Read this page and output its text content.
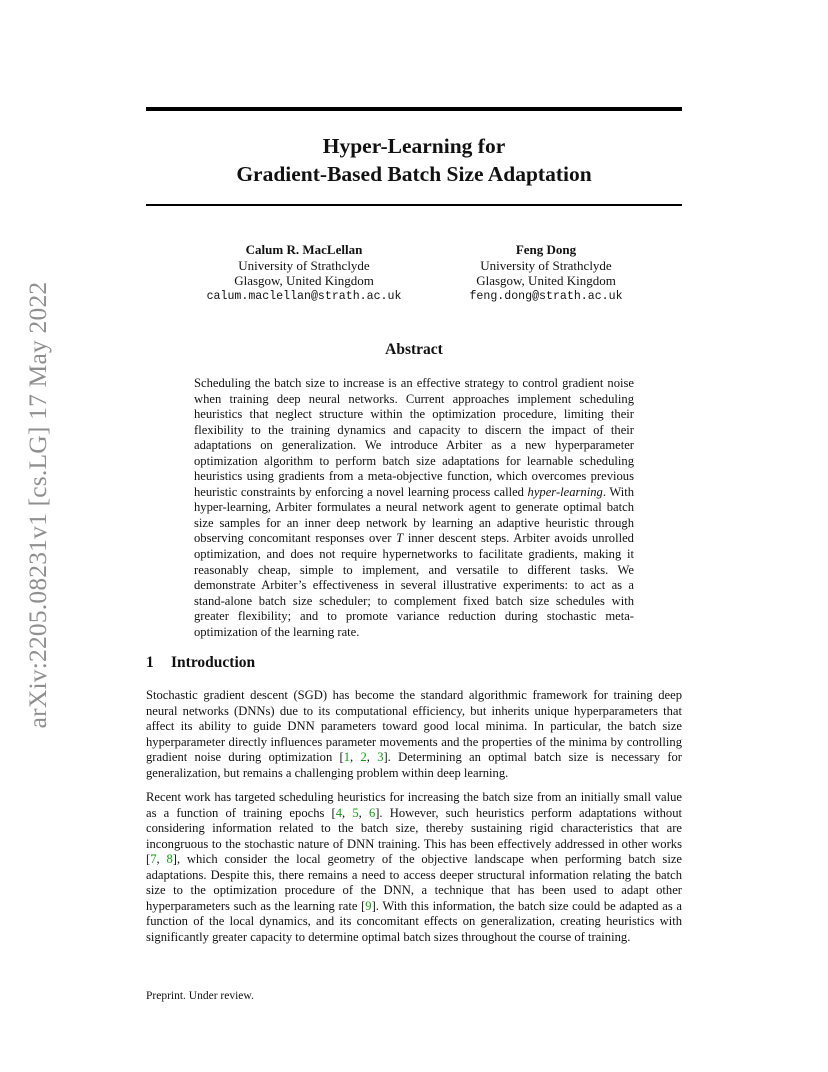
arXiv:2205.08231v1 [cs.LG] 17 May 2022
Hyper-Learning for
Gradient-Based Batch Size Adaptation
Calum R. MacLellan
University of Strathclyde
Glasgow, United Kingdom
calum.maclellan@strath.ac.uk
Feng Dong
University of Strathclyde
Glasgow, United Kingdom
feng.dong@strath.ac.uk
Abstract
Scheduling the batch size to increase is an effective strategy to control gradient noise when training deep neural networks. Current approaches implement scheduling heuristics that neglect structure within the optimization procedure, limiting their flexibility to the training dynamics and capacity to discern the impact of their adaptations on generalization. We introduce Arbiter as a new hyperparameter optimization algorithm to perform batch size adaptations for learnable scheduling heuristics using gradients from a meta-objective function, which overcomes previous heuristic constraints by enforcing a novel learning process called hyper-learning. With hyper-learning, Arbiter formulates a neural network agent to generate optimal batch size samples for an inner deep network by learning an adaptive heuristic through observing concomitant responses over T inner descent steps. Arbiter avoids unrolled optimization, and does not require hypernetworks to facilitate gradients, making it reasonably cheap, simple to implement, and versatile to different tasks. We demonstrate Arbiter’s effectiveness in several illustrative experiments: to act as a stand-alone batch size scheduler; to complement fixed batch size schedules with greater flexibility; and to promote variance reduction during stochastic meta-optimization of the learning rate.
1 Introduction
Stochastic gradient descent (SGD) has become the standard algorithmic framework for training deep neural networks (DNNs) due to its computational efficiency, but inherits unique hyperparameters that affect its ability to guide DNN parameters toward good local minima. In particular, the batch size hyperparameter directly influences parameter movements and the properties of the minima by controlling gradient noise during optimization [1, 2, 3]. Determining an optimal batch size is necessary for generalization, but remains a challenging problem within deep learning.
Recent work has targeted scheduling heuristics for increasing the batch size from an initially small value as a function of training epochs [4, 5, 6]. However, such heuristics perform adaptations without considering information related to the batch size, thereby sustaining rigid characteristics that are incongruous to the stochastic nature of DNN training. This has been effectively addressed in other works [7, 8], which consider the local geometry of the objective landscape when performing batch size adaptations. Despite this, there remains a need to access deeper structural information relating the batch size to the optimization procedure of the DNN, a technique that has been used to adapt other hyperparameters such as the learning rate [9]. With this information, the batch size could be adapted as a function of the local dynamics, and its concomitant effects on generalization, creating heuristics with significantly greater capacity to determine optimal batch sizes throughout the course of training.
Preprint. Under review.
